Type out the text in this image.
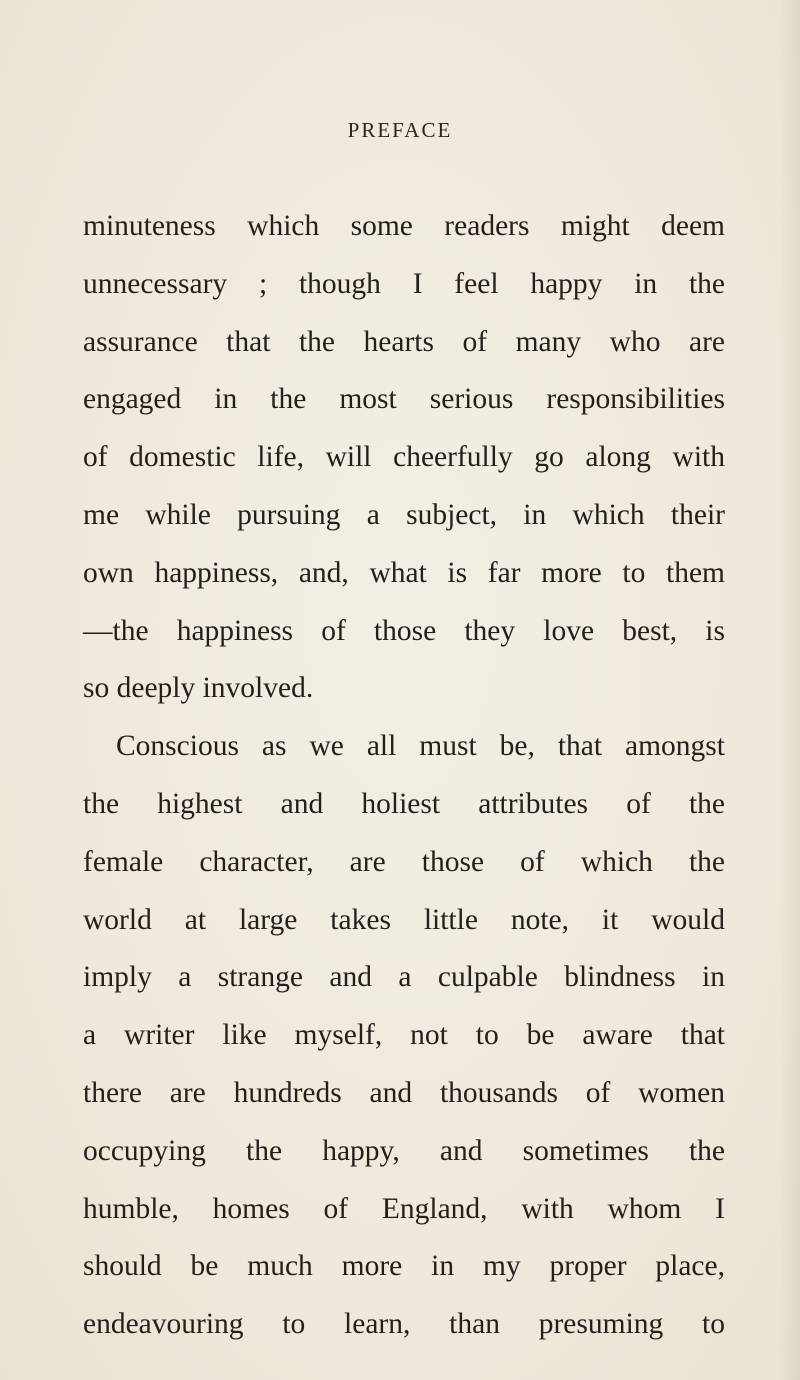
PREFACE
minuteness which some readers might deem
unnecessary ; though I feel happy in the
assurance that the hearts of many who are
engaged in the most serious responsibilities
of domestic life, will cheerfully go along with
me while pursuing a subject, in which their
own happiness, and, what is far more to them
—the happiness of those they love best, is
so deeply involved.
Conscious as we all must be, that amongst
the highest and holiest attributes of the
female character, are those of which the
world at large takes little note, it would
imply a strange and a culpable blindness in
a writer like myself, not to be aware that
there are hundreds and thousands of women
occupying the happy, and sometimes the
humble, homes of England, with whom I
should be much more in my proper place,
endeavouring to learn, than presuming to
